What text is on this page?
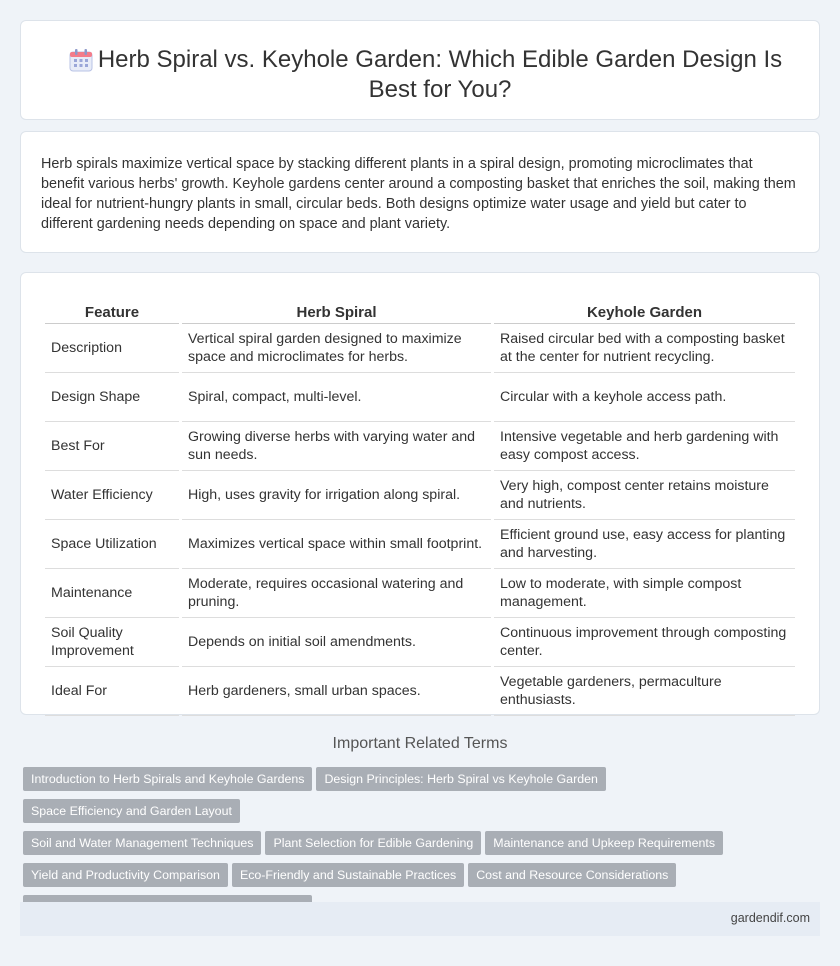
Herb Spiral vs. Keyhole Garden: Which Edible Garden Design Is Best for You?

Herb spirals maximize vertical space by stacking different plants in a spiral design, promoting microclimates that benefit various herbs' growth. Keyhole gardens center around a composting basket that enriches the soil, making them ideal for nutrient-hungry plants in small, circular beds. Both designs optimize water usage and yield but cater to different gardening needs depending on space and plant variety.

Feature	Herb Spiral	Keyhole Garden
Description	Vertical spiral garden designed to maximize space and microclimates for herbs.	Raised circular bed with a composting basket at the center for nutrient recycling.
Design Shape	Spiral, compact, multi-level.	Circular with a keyhole access path.
Best For	Growing diverse herbs with varying water and sun needs.	Intensive vegetable and herb gardening with easy compost access.
Water Efficiency	High, uses gravity for irrigation along spiral.	Very high, compost center retains moisture and nutrients.
Space Utilization	Maximizes vertical space within small footprint.	Efficient ground use, easy access for planting and harvesting.
Maintenance	Moderate, requires occasional watering and pruning.	Low to moderate, with simple compost management.
Soil Quality Improvement	Depends on initial soil amendments.	Continuous improvement through composting center.
Ideal For	Herb gardeners, small urban spaces.	Vegetable gardeners, permaculture enthusiasts.
Important Related Terms
Introduction to Herb Spirals and Keyhole Gardens	Design Principles: Herb Spiral vs Keyhole Garden
Space Efficiency and Garden Layout
Soil and Water Management Techniques	Plant Selection for Edible Gardening	Maintenance and Upkeep Requirements
Yield and Productivity Comparison	Eco-Friendly and Sustainable Practices	Cost and Resource Considerations
gardendif.com
